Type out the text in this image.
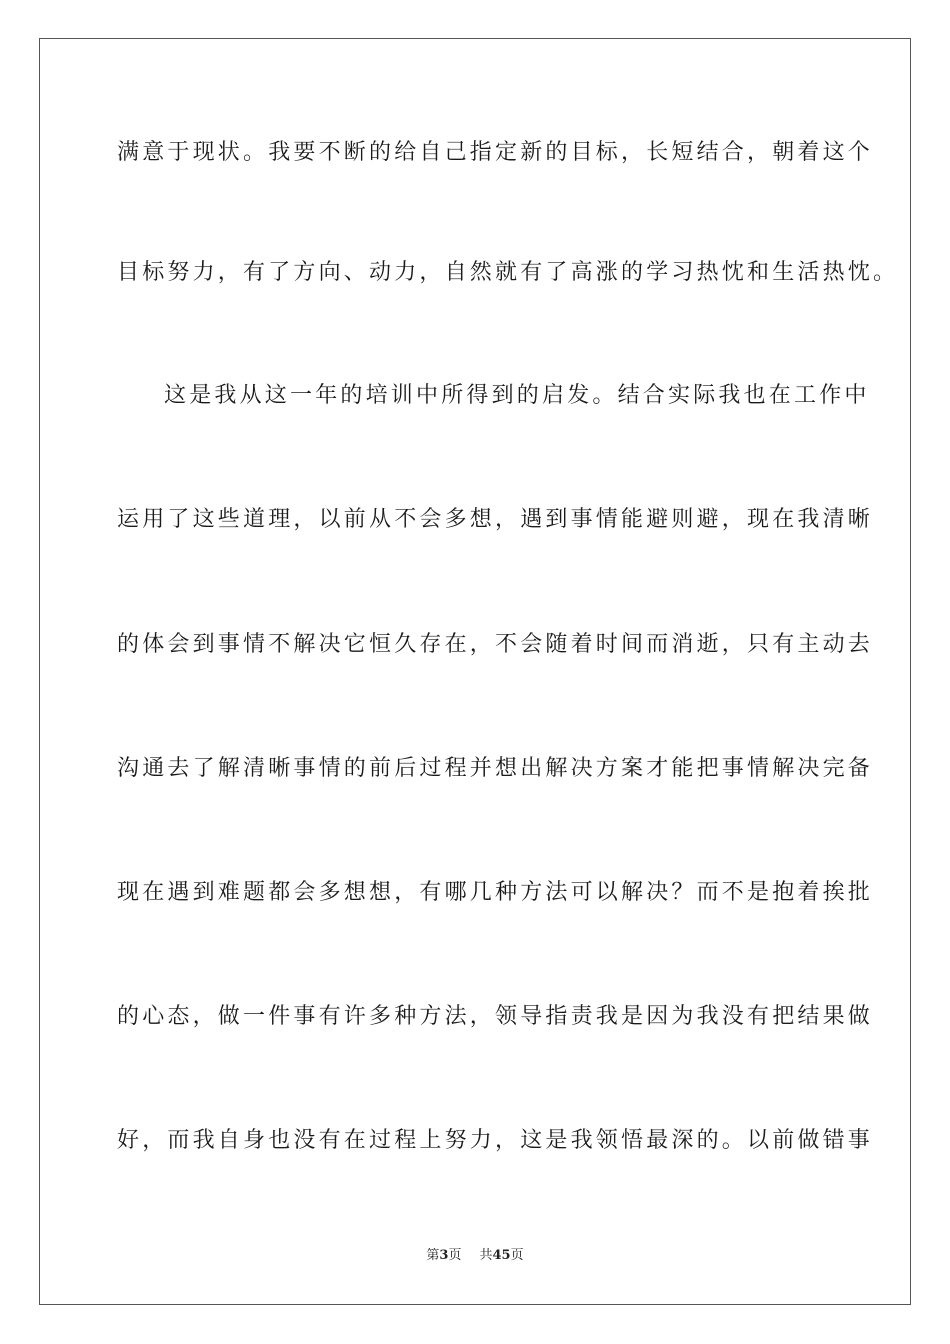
满意于现状。我要不断的给自己指定新的目标，长短结合，朝着这个
目标努力，有了方向、动力，自然就有了高涨的学习热忱和生活热忱。
这是我从这一年的培训中所得到的启发。结合实际我也在工作中
运用了这些道理，以前从不会多想，遇到事情能避则避，现在我清晰
的体会到事情不解决它恒久存在，不会随着时间而消逝，只有主动去
沟通去了解清晰事情的前后过程并想出解决方案才能把事情解决完备
现在遇到难题都会多想想，有哪几种方法可以解决？而不是抱着挨批
的心态，做一件事有许多种方法，领导指责我是因为我没有把结果做
好，而我自身也没有在过程上努力，这是我领悟最深的。以前做错事
第3页 共45页
